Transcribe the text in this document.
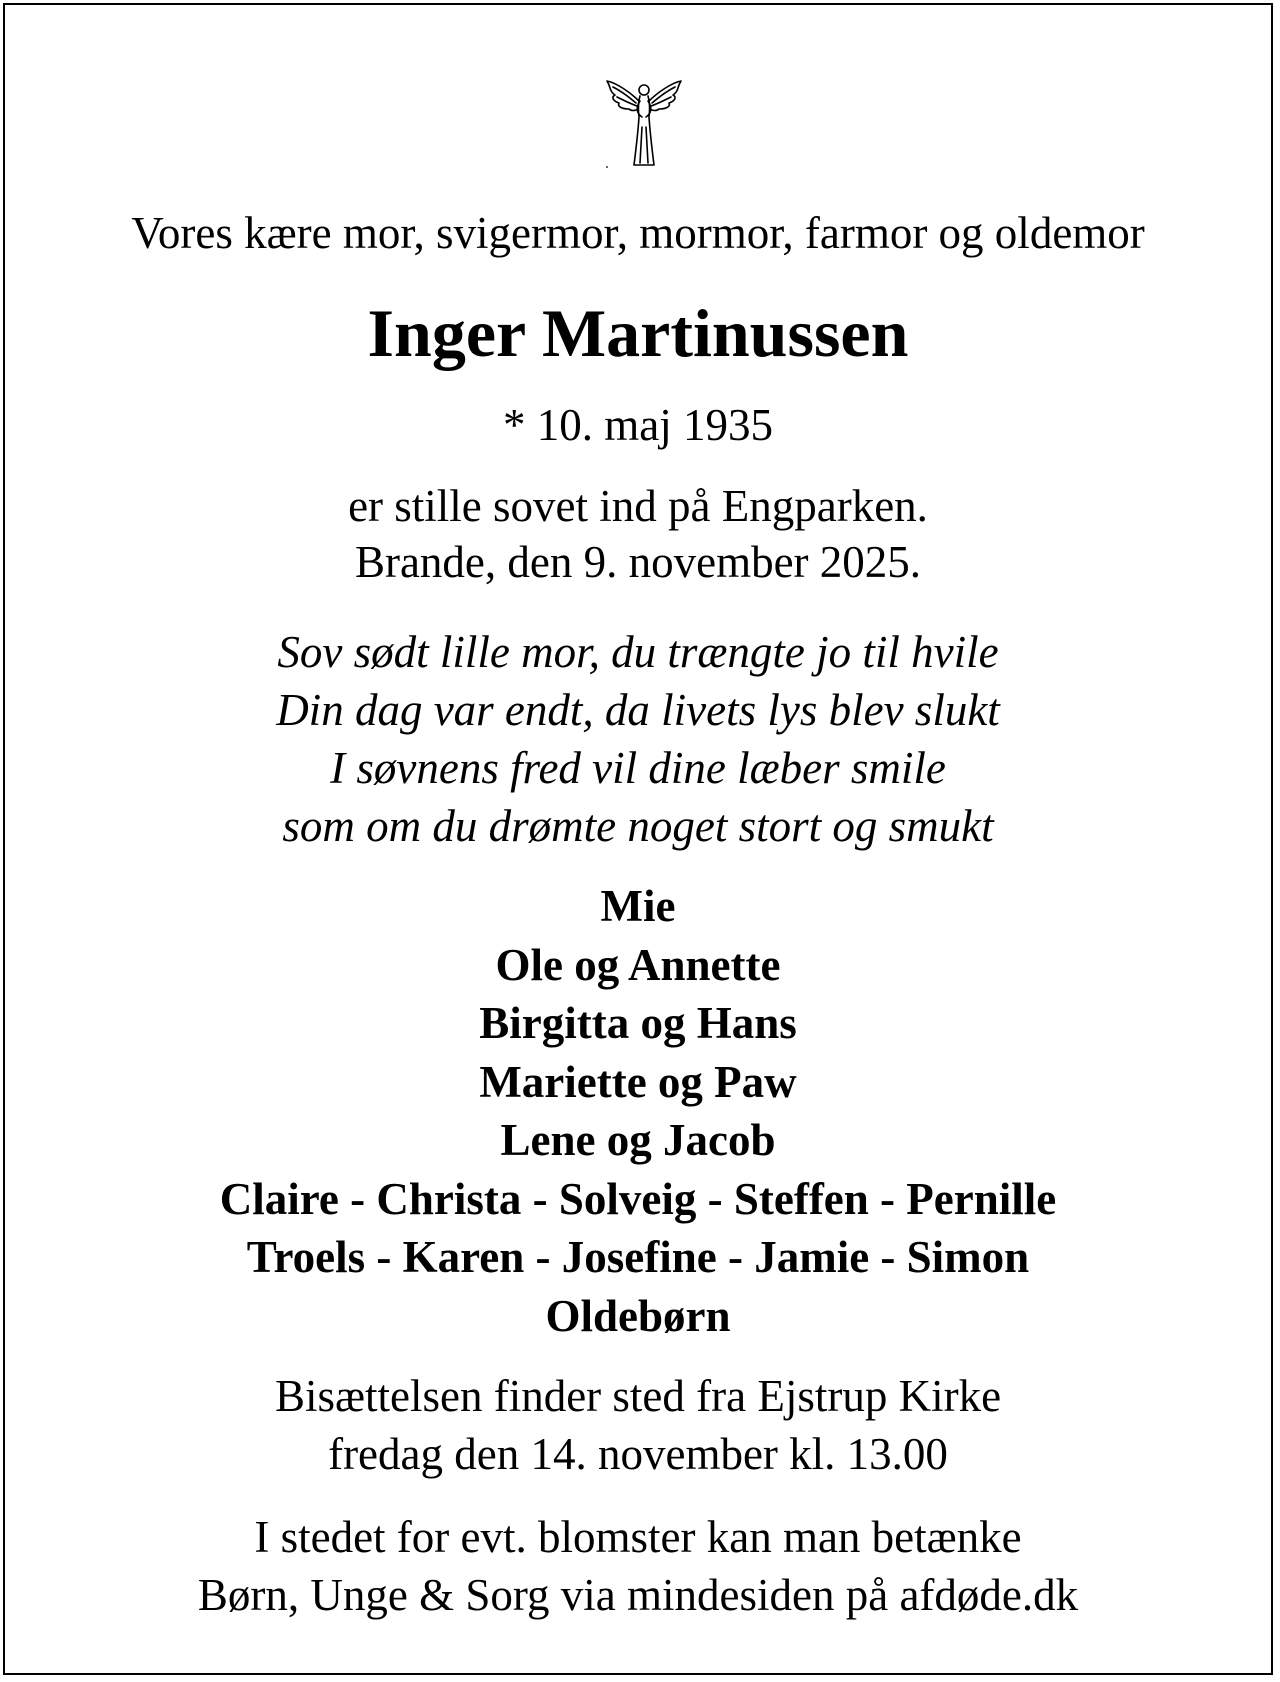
Vores kære mor, svigermor, mormor, farmor og oldemor
Inger Martinussen
* 10. maj 1935
er stille sovet ind på Engparken.
Brande, den 9. november 2025.
Sov sødt lille mor, du trængte jo til hvile
Din dag var endt, da livets lys blev slukt
I søvnens fred vil dine læber smile
som om du drømte noget stort og smukt
Mie
Ole og Annette
Birgitta og Hans
Mariette og Paw
Lene og Jacob
Claire - Christa - Solveig - Steffen - Pernille
Troels - Karen - Josefine - Jamie - Simon
Oldebørn
Bisættelsen finder sted fra Ejstrup Kirke
fredag den 14. november kl. 13.00
I stedet for evt. blomster kan man betænke
Børn, Unge & Sorg via mindesiden på afdøde.dk
